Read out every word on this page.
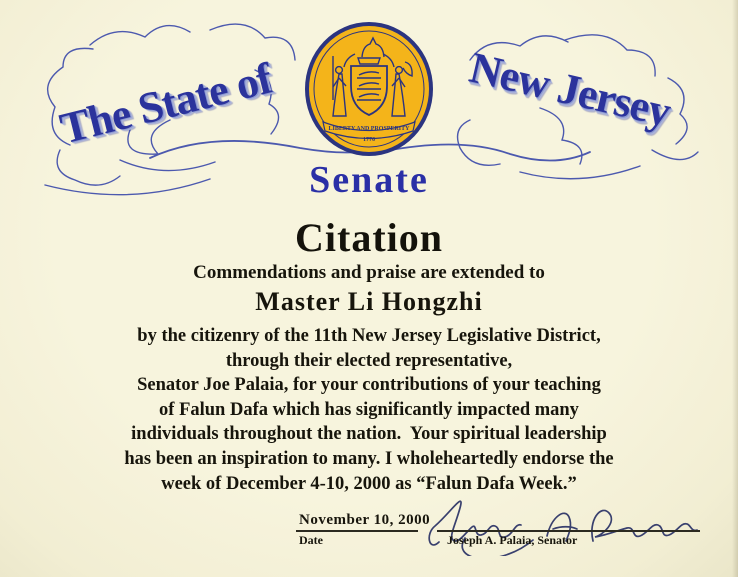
LIBERTY AND PROSPERITY
1776
The State of	New Jersey
Senate
Citation
Commendations and praise are extended to
Master Li Hongzhi
by the citizenry of the 11th New Jersey Legislative District,
through their elected representative,
Senator Joe Palaia, for your contributions of your teaching
of Falun Dafa which has significantly impacted many
individuals throughout the nation.  Your spiritual leadership
has been an inspiration to many. I wholeheartedly endorse the
week of December 4-10, 2000 as “Falun Dafa Week.”
November 10, 2000
Date	Joseph A. Palaia, Senator
